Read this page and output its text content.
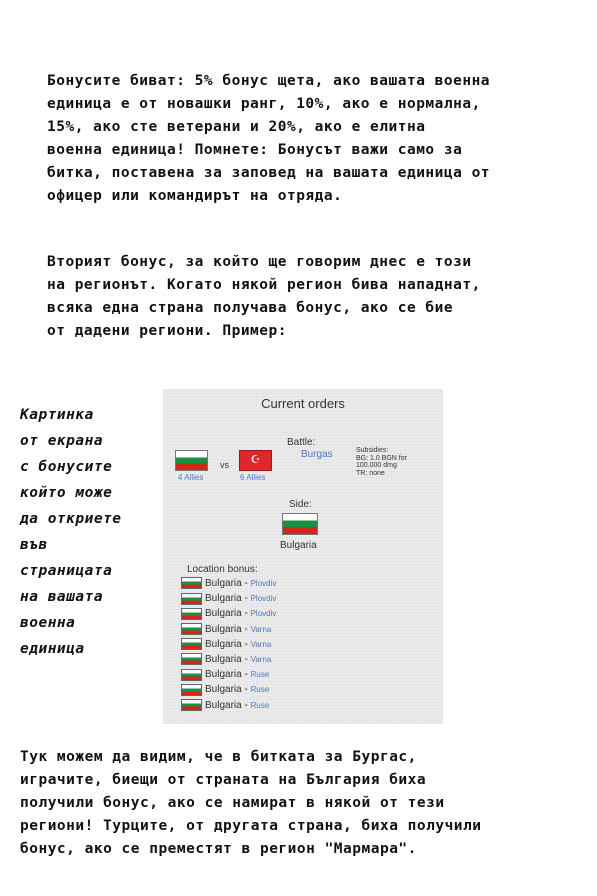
Бонусите биват: 5% бонус щета, ако вашата военна
единица е от новашки ранг, 10%, ако е нормална,
15%, ако сте ветерани и 20%, ако е елитна
военна единица! Помнете: Бонусът важи само за
битка, поставена за заповед на вашата единица от
офицер или командирът на отряда.

Вторият бонус, за който ще говорим днес е този
на регионът. Когато някой регион бива нападнат,
всяка една страна получава бонус, ако се бие
от дадени региони. Пример:

Картинка
от екрана
с бонусите
който може
да откриете
във
страницата
на вашата
военна
единица

Current orders
vs	☪
Battle:
Burgas
4 Allies	6 Allies
Subsidies:
BG: 1.0 BGN for
100.000 dmg
TR: none
Side:
Bulgaria
Location bonus:
Bulgaria - Plovdiv
Bulgaria - Plovdiv
Bulgaria - Plovdiv
Bulgaria - Varna
Bulgaria - Varna
Bulgaria - Varna
Bulgaria - Ruse
Bulgaria - Ruse
Bulgaria - Ruse

Тук можем да видим, че в битката за Бургас,
играчите, биещи от страната на България биха
получили бонус, ако се намират в някой от тези
региони! Турците, от другата страна, биха получили
бонус, ако се преместят в регион "Мармара".
